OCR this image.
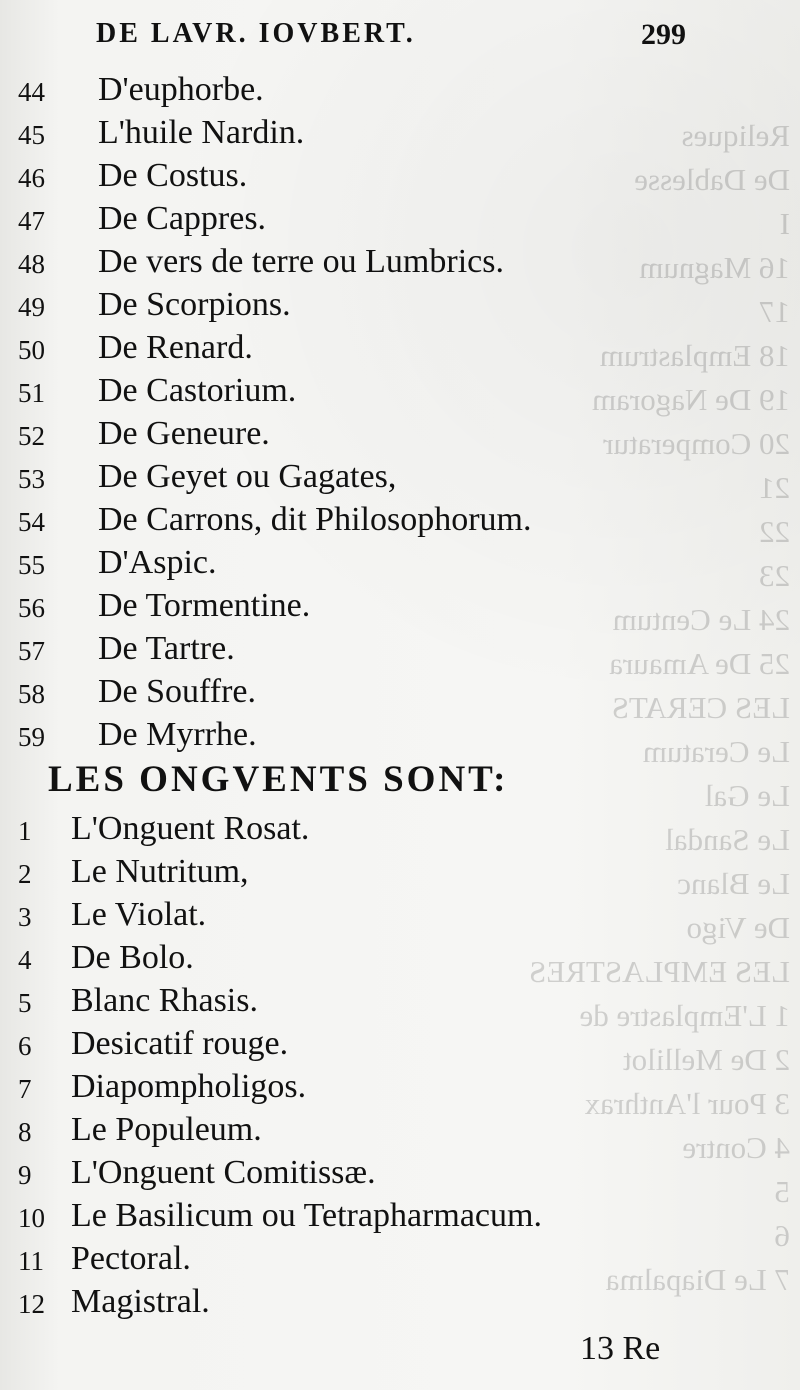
Reliques
De Dablesse
I
16 Magnum
17
18 Emplastrum
19 De Nagoram
20 Comperatur
21
22
23
24 Le Centum
25 De Amaura
LES CERATS
Le Ceratum
Le Gal
Le Sandal
Le Blanc
De Vigo
LES EMPLASTRES
1 L'Emplastre de
2 De Mellilot
3 Pour l'Anthrax
4 Contre
5
6
7 Le Diapalma

DE LAVR. IOVBERT.	299
44	D'euphorbe.
45	L'huile Nardin.
46	De Costus.
47	De Cappres.
48	De vers de terre ou Lumbrics.
49	De Scorpions.
50	De Renard.
51	De Castorium.
52	De Geneure.
53	De Geyet ou Gagates,
54	De Carrons, dit Philosophorum.
55	D'Aspic.
56	De Tormentine.
57	De Tartre.
58	De Souffre.
59	De Myrrhe.
LES ONGVENTS SONT:
1	L'Onguent Rosat.
2	Le Nutritum,
3	Le Violat.
4	De Bolo.
5	Blanc Rhasis.
6	Desicatif rouge.
7	Diapompholigos.
8	Le Populeum.
9	L'Onguent Comitissæ.
10 Le Basilicum ou Tetrapharmacum.
11 Pectoral.
12 Magistral.
13 Re
